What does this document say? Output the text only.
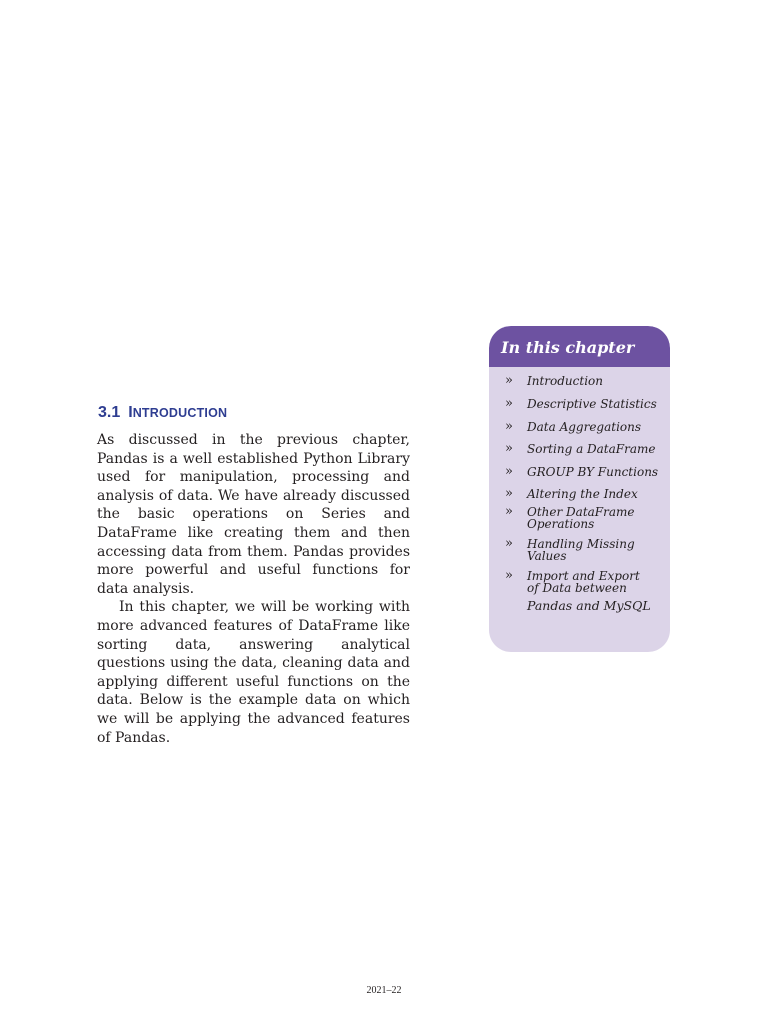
3.1 INTRODUCTION

As discussed in the previous chapter, Pandas is a well established Python Library used for manipulation, processing and analysis of data. We have already discussed the basic operations on Series and DataFrame like creating them and then accessing data from them. Pandas provides more powerful and useful functions for data analysis.

In this chapter, we will be working with more advanced features of DataFrame like sorting data, answering analytical questions using the data, cleaning data and applying different useful functions on the data. Below is the example data on which we will be applying the advanced features of Pandas.

In this chapter
» Introduction
» Descriptive Statistics
» Data Aggregations
» Sorting a DataFrame
» GROUP BY Functions
» Altering the Index
» Other DataFrame
Operations
» Handling Missing
Values
» Import and Export
of Data between
Pandas and MySQL
2021–22
